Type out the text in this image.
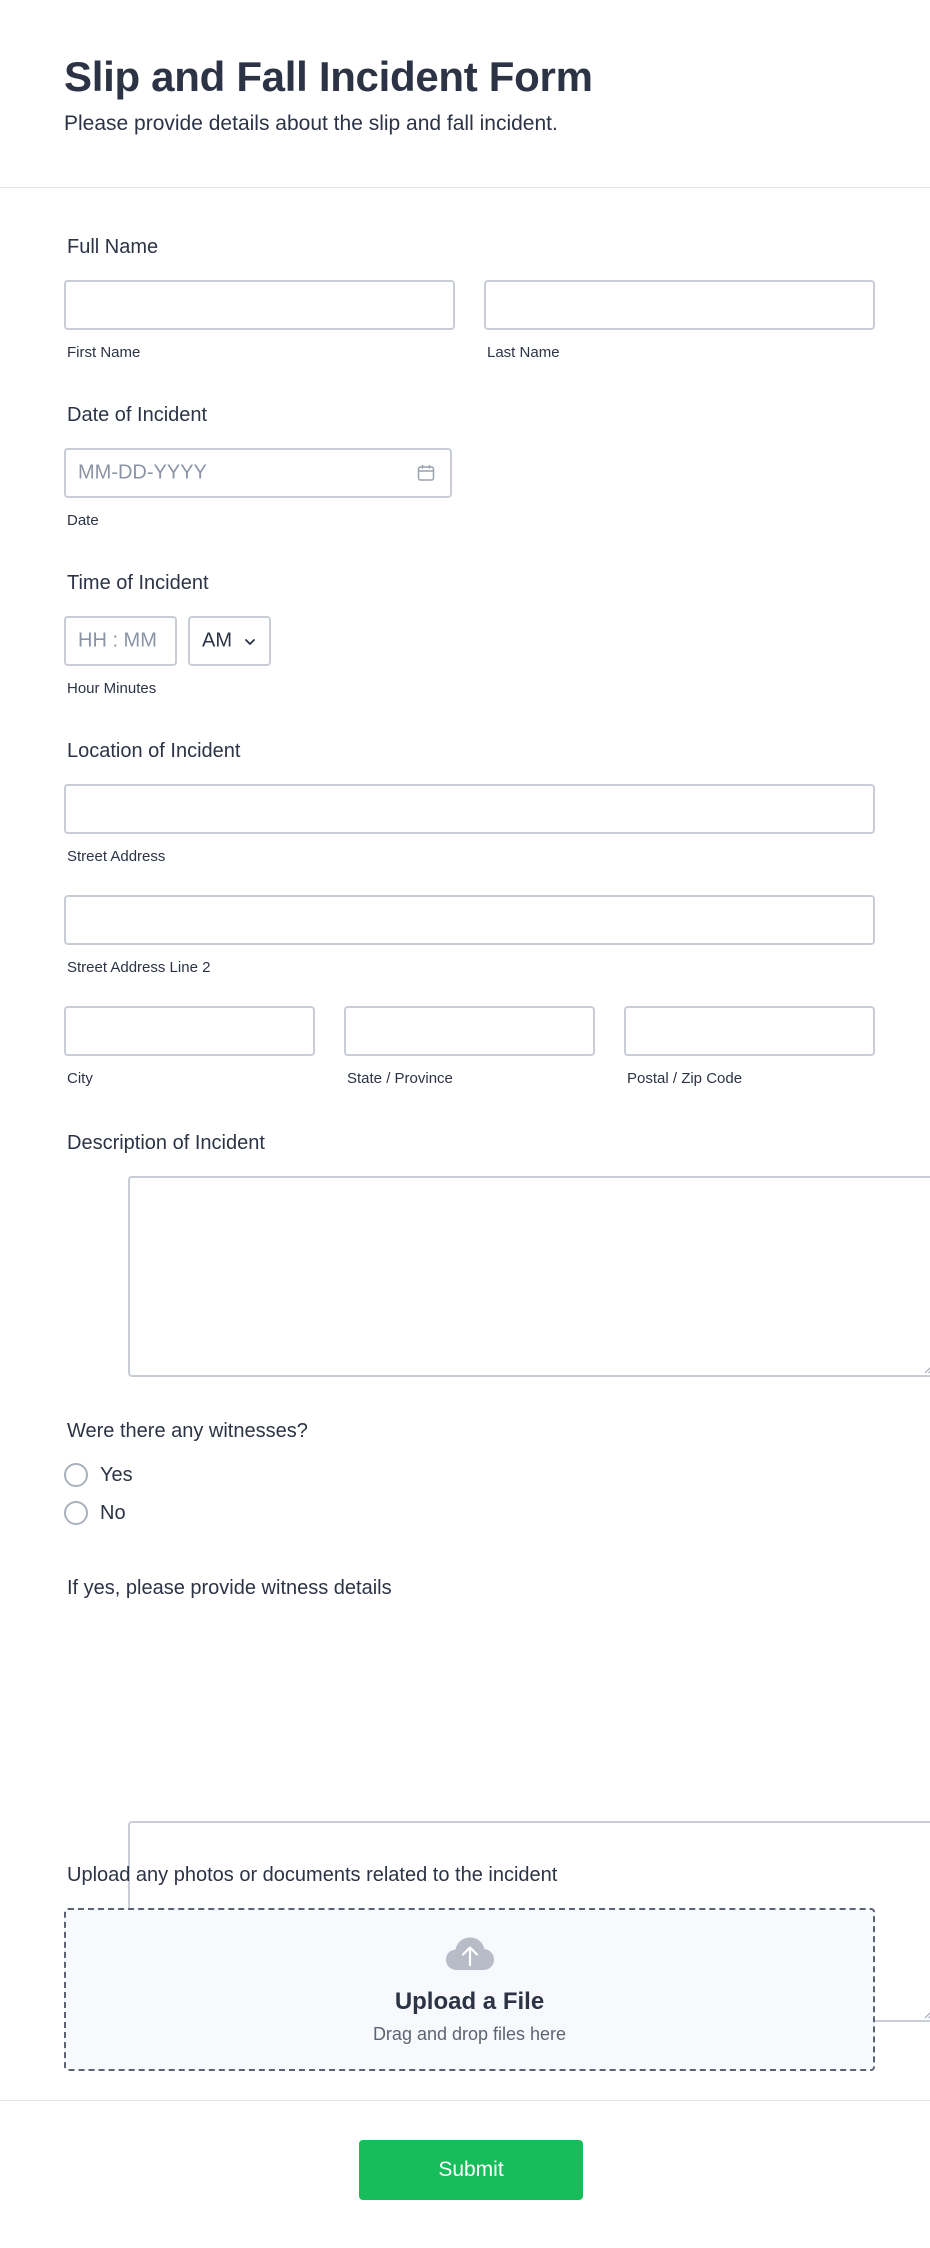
Slip and Fall Incident Form
Please provide details about the slip and fall incident.
Full Name
First Name	Last Name
Date of Incident
MM-DD-YYYY
Date
Time of Incident
HH : MM AM
Hour Minutes
Location of Incident
Street Address
Street Address Line 2
City	State / Province	Postal / Zip Code
Description of Incident
Were there any witnesses?
Yes
No
If yes, please provide witness details
Upload any photos or documents related to the incident
Upload a File
Drag and drop files here
Submit
